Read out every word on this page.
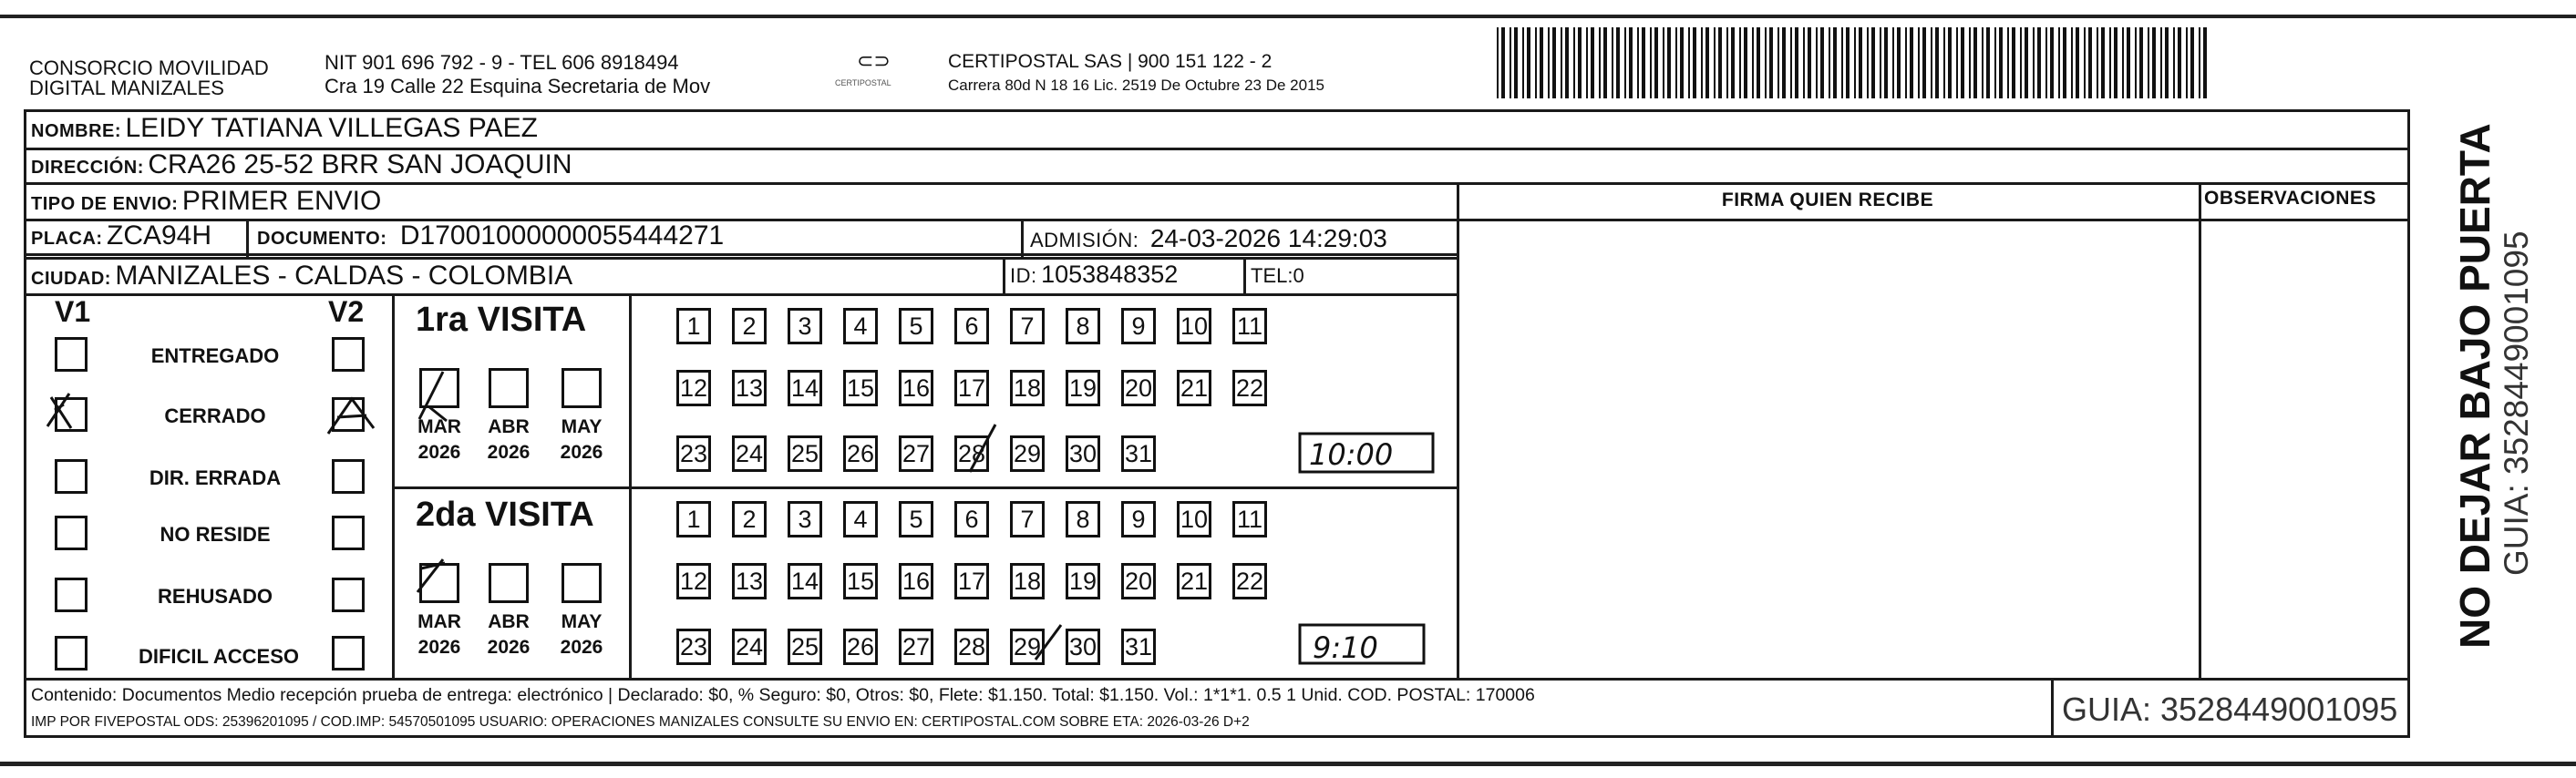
CONSORCIO MOVILIDAD
DIGITAL MANIZALES
NIT 901 696 792 - 9 - TEL 606 8918494
Cra 19 Calle 22 Esquina Secretaria de Mov
⊂⊃
CERTIPOSTAL
CERTIPOSTAL SAS | 900 151 122 - 2
Carrera 80d N 18 16 Lic. 2519 De Octubre 23 De 2015
NOMBRE: LEIDY TATIANA VILLEGAS PAEZ
DIRECCIÓN: CRA26 25-52 BRR SAN JOAQUIN
TIPO DE ENVIO: PRIMER ENVIO
PLACA: ZCA94H DOCUMENTO: D17001000000055444271	ADMISIÓN: 24-03-2026 14:29:03
CIUDAD: MANIZALES - CALDAS - COLOMBIA	ID: 1053848352	TEL:0
FIRMA QUIEN RECIBE	OBSERVACIONES
V1	V2
ENTREGADO
CERRADO
DIR. ERRADA
NO RESIDE
REHUSADO
DIFICIL ACCESO
1ra VISITA
2da VISITA
MAR
2026
ABR
2026
MAY
2026
MAR
2026
ABR
2026
MAY
2026
1	2	3	4	5	6	7	8	9	10 11
12 13 14 15 16 17 18 19 20 21 22
23 24 25 26 27 28 29 30 31
1	2	3	4	5	6	7	8	9	10 11
12 13 14 15 16 17 18 19 20 21 22
23 24 25 26 27 28 29 30 31
10:00
9:10
Contenido: Documentos Medio recepción prueba de entrega: electrónico | Declarado: $0, % Seguro: $0, Otros: $0, Flete: $1.150. Total: $1.150. Vol.: 1*1*1. 0.5 1 Unid. COD. POSTAL: 170006
IMP POR FIVEPOSTAL ODS: 25396201095 / COD.IMP: 54570501095 USUARIO: OPERACIONES MANIZALES CONSULTE SU ENVIO EN: CERTIPOSTAL.COM SOBRE ETA: 2026-03-26 D+2	GUIA: 3528449001095
NO DEJAR BAJO PUERTA GUIA: 3528449001095
